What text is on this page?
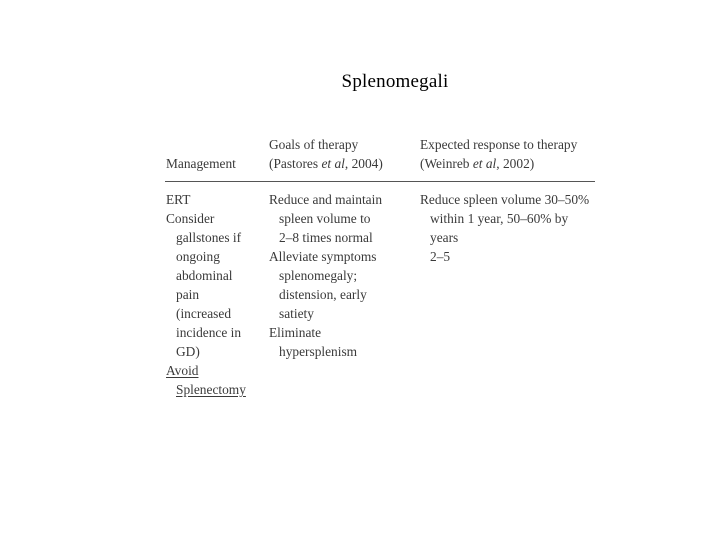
Splenomegali
Management
Goals of therapy
(Pastores et al, 2004)
Expected response to therapy
(Weinreb et al, 2002)
ERT
Consider
gallstones if
ongoing
abdominal
pain
(increased
incidence in
GD)
Avoid
Splenectomy
Reduce and maintain
spleen volume to
2–8 times normal
Alleviate symptoms
splenomegaly;
distension, early
satiety
Eliminate
hypersplenism
Reduce spleen volume 30–50%
within 1 year, 50–60% by
years
2–5
